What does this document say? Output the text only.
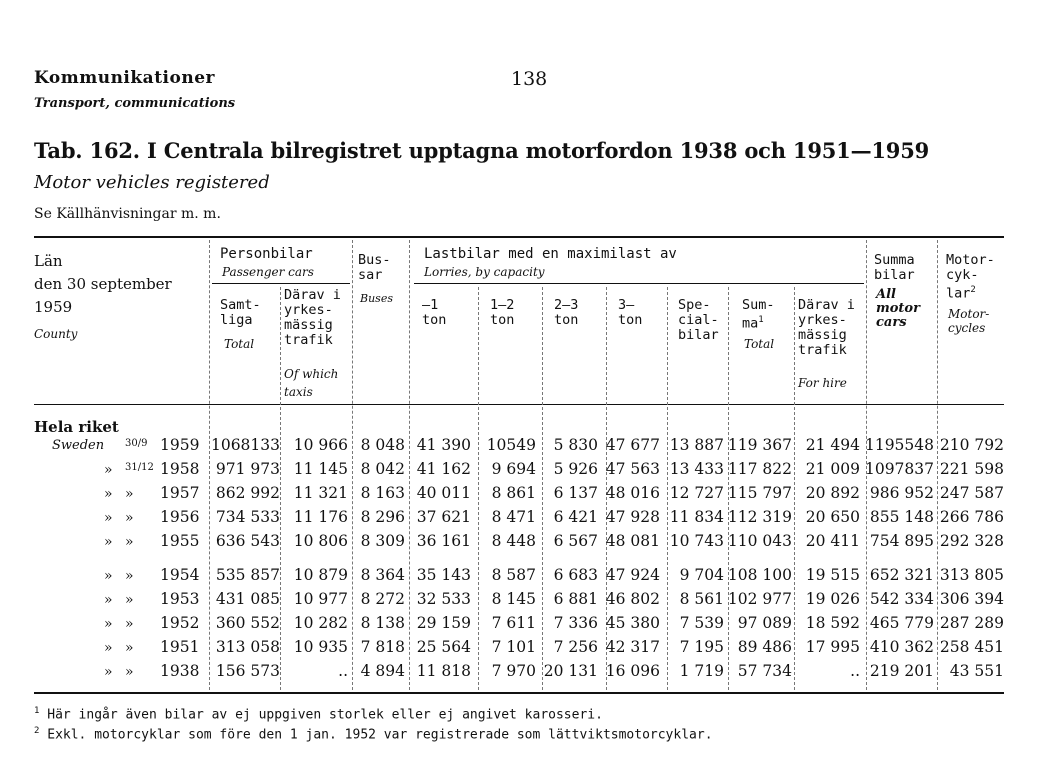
Kommunikationer
Transport, communications
138
Tab. 162. I Centrala bilregistret upptagna motorfordon 1938 och 1951—1959
Motor vehicles registered
Se Källhänvisningar m. m.
Län
den 30 september
1959
County
Personbilar
Passenger cars
Samt-
liga
Total
Därav i
yrkes-
mässig
trafik
Of which
taxis
Bus-
sar
Buses
Lastbilar med en maximilast av
Lorries, by capacity
—1
ton
1—2
ton
2—3
ton
3—
ton
Spe-
cial-
bilar
Sum-
$ma^1$
Total
Därav i
yrkes-
mässig
trafik
For hire
Summa
bilar
All
motor
cars
Motor-
cyk-
lar$^2$
Motor-
cycles
Hela riket
Sweden 30/9 1959 1068133 10 966 8 048 41 390 10549 5 830 47 677 13 887 119 367 21 494 1195548 210 792
» 31/12 1958 971 973 11 145 8 042 41 162 9 694 5 926 47 563 13 433 117 822 21 009 1097837 221 598
» » 1957 862 992 11 321 8 163 40 011 8 861 6 137 48 016 12 727 115 797 20 892 986 952 247 587
» » 1956 734 533 11 176 8 296 37 621 8 471 6 421 47 928 11 834 112 319 20 650 855 148 266 786
» » 1955 636 543 10 806 8 309 36 161 8 448 6 567 48 081 10 743 110 043 20 411 754 895 292 328
» » 1954 535 857 10 879 8 364 35 143 8 587 6 683 47 924 9 704 108 100 19 515 652 321 313 805
» » 1953 431 085 10 977 8 272 32 533 8 145 6 881 46 802 8 561 102 977 19 026 542 334 306 394
» » 1952 360 552 10 282 8 138 29 159 7 611 7 336 45 380 7 539 97 089 18 592 465 779 287 289
» » 1951 313 058 10 935 7 818 25 564 7 101 7 256 42 317 7 195 89 486 17 995 410 362 258 451
» » 1938 156 573	.. 4 894 11 818 7 970 20 131 16 096 1 719 57 734	.. 219 201 43 551
$^1$ Här ingår även bilar av ej uppgiven storlek eller ej angivet karosseri.
$^2$ Exkl. motorcyklar som före den 1 jan. 1952 var registrerade som lättviktsmotorcyklar.
